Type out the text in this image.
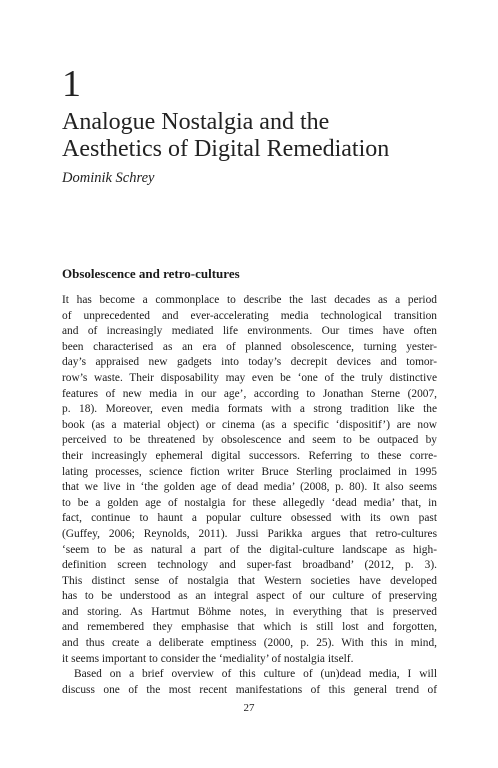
1
Analogue Nostalgia and the
Aesthetics of Digital Remediation
Dominik Schrey
Obsolescence and retro-cultures
It has become a commonplace to describe the last decades as a period
of unprecedented and ever-accelerating media technological transition
and of increasingly mediated life environments. Our times have often
been characterised as an era of planned obsolescence, turning yester-
day’s appraised new gadgets into today’s decrepit devices and tomor-
row’s waste. Their disposability may even be ‘one of the truly distinctive
features of new media in our age’, according to Jonathan Sterne (2007,
p. 18). Moreover, even media formats with a strong tradition like the
book (as a material object) or cinema (as a specific ‘dispositif’) are now
perceived to be threatened by obsolescence and seem to be outpaced by
their increasingly ephemeral digital successors. Referring to these corre-
lating processes, science fiction writer Bruce Sterling proclaimed in 1995
that we live in ‘the golden age of dead media’ (2008, p. 80). It also seems
to be a golden age of nostalgia for these allegedly ‘dead media’ that, in
fact, continue to haunt a popular culture obsessed with its own past
(Guffey, 2006; Reynolds, 2011). Jussi Parikka argues that retro-cultures
‘seem to be as natural a part of the digital-culture landscape as high-
definition screen technology and super-fast broadband’ (2012, p. 3).
This distinct sense of nostalgia that Western societies have developed
has to be understood as an integral aspect of our culture of preserving
and storing. As Hartmut Böhme notes, in everything that is preserved
and remembered they emphasise that which is still lost and forgotten,
and thus create a deliberate emptiness (2000, p. 25). With this in mind,
it seems important to consider the ‘mediality’ of nostalgia itself.
Based on a brief overview of this culture of (un)dead media, I will
discuss one of the most recent manifestations of this general trend of
27
